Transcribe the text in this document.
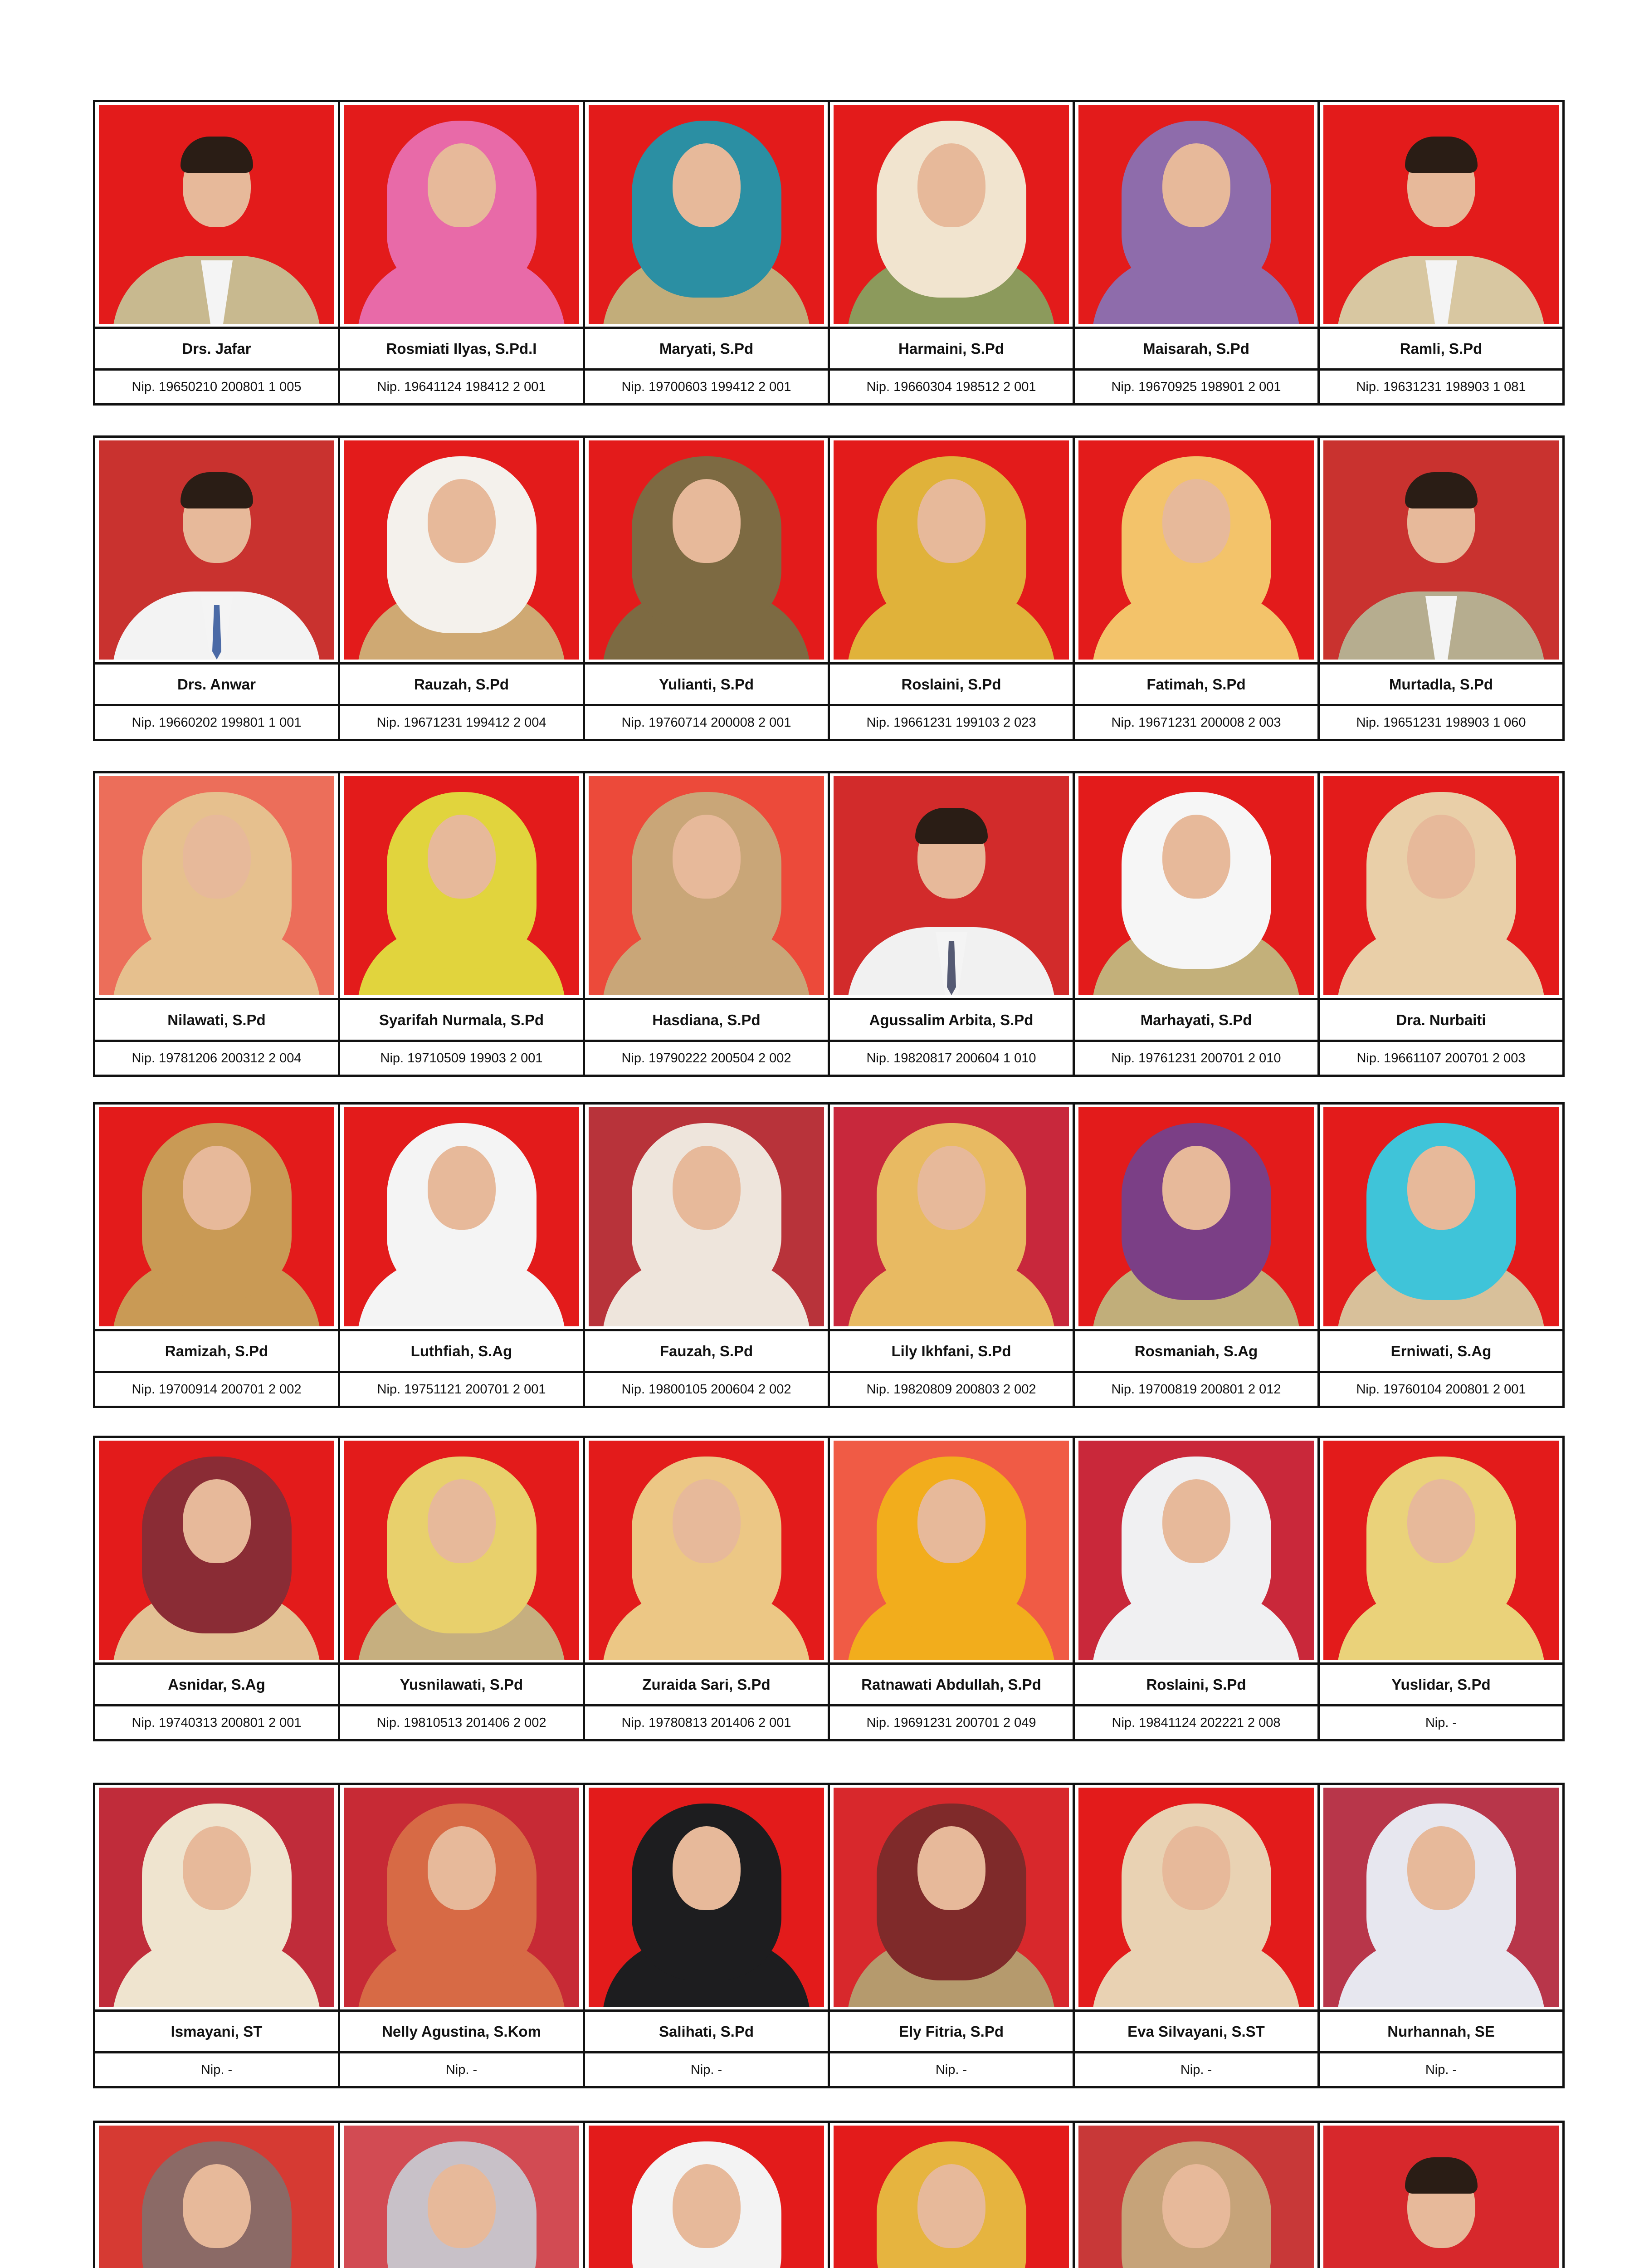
Drs. Jafar
Nip. 19650210 200801 1 005
Rosmiati Ilyas, S.Pd.I
Nip. 19641124 198412 2 001
Maryati, S.Pd
Nip. 19700603 199412 2 001
Harmaini, S.Pd
Nip. 19660304 198512 2 001
Maisarah, S.Pd
Nip. 19670925 198901 2 001
Ramli, S.Pd
Nip. 19631231 198903 1 081
Drs. Anwar
Nip. 19660202 199801 1 001
Rauzah, S.Pd
Nip. 19671231 199412 2 004
Yulianti, S.Pd
Nip. 19760714 200008 2 001
Roslaini, S.Pd
Nip. 19661231 199103 2 023
Fatimah, S.Pd
Nip. 19671231 200008 2 003
Murtadla, S.Pd
Nip. 19651231 198903 1 060
Nilawati, S.Pd
Nip. 19781206 200312 2 004
Syarifah Nurmala, S.Pd
Nip. 19710509 19903 2 001
Hasdiana, S.Pd
Nip. 19790222 200504 2 002
Agussalim Arbita, S.Pd
Nip. 19820817 200604 1 010
Marhayati, S.Pd
Nip. 19761231 200701 2 010
Dra. Nurbaiti
Nip. 19661107 200701 2 003
Ramizah, S.Pd
Nip. 19700914 200701 2 002
Luthfiah, S.Ag
Nip. 19751121 200701 2 001
Fauzah, S.Pd
Nip. 19800105 200604 2 002
Lily Ikhfani, S.Pd
Nip. 19820809 200803 2 002
Rosmaniah, S.Ag
Nip. 19700819 200801 2 012
Erniwati, S.Ag
Nip. 19760104 200801 2 001
Asnidar, S.Ag
Nip. 19740313 200801 2 001
Yusnilawati, S.Pd
Nip. 19810513 201406 2 002
Zuraida Sari, S.Pd
Nip. 19780813 201406 2 001
Ratnawati Abdullah, S.Pd
Nip. 19691231 200701 2 049
Roslaini, S.Pd
Nip. 19841124 202221 2 008
Yuslidar, S.Pd
Nip. -
Ismayani, ST
Nip. -
Nelly Agustina, S.Kom
Nip. -
Salihati, S.Pd
Nip. -
Ely Fitria, S.Pd
Nip. -
Eva Silvayani, S.ST
Nip. -
Nurhannah, SE
Nip. -
